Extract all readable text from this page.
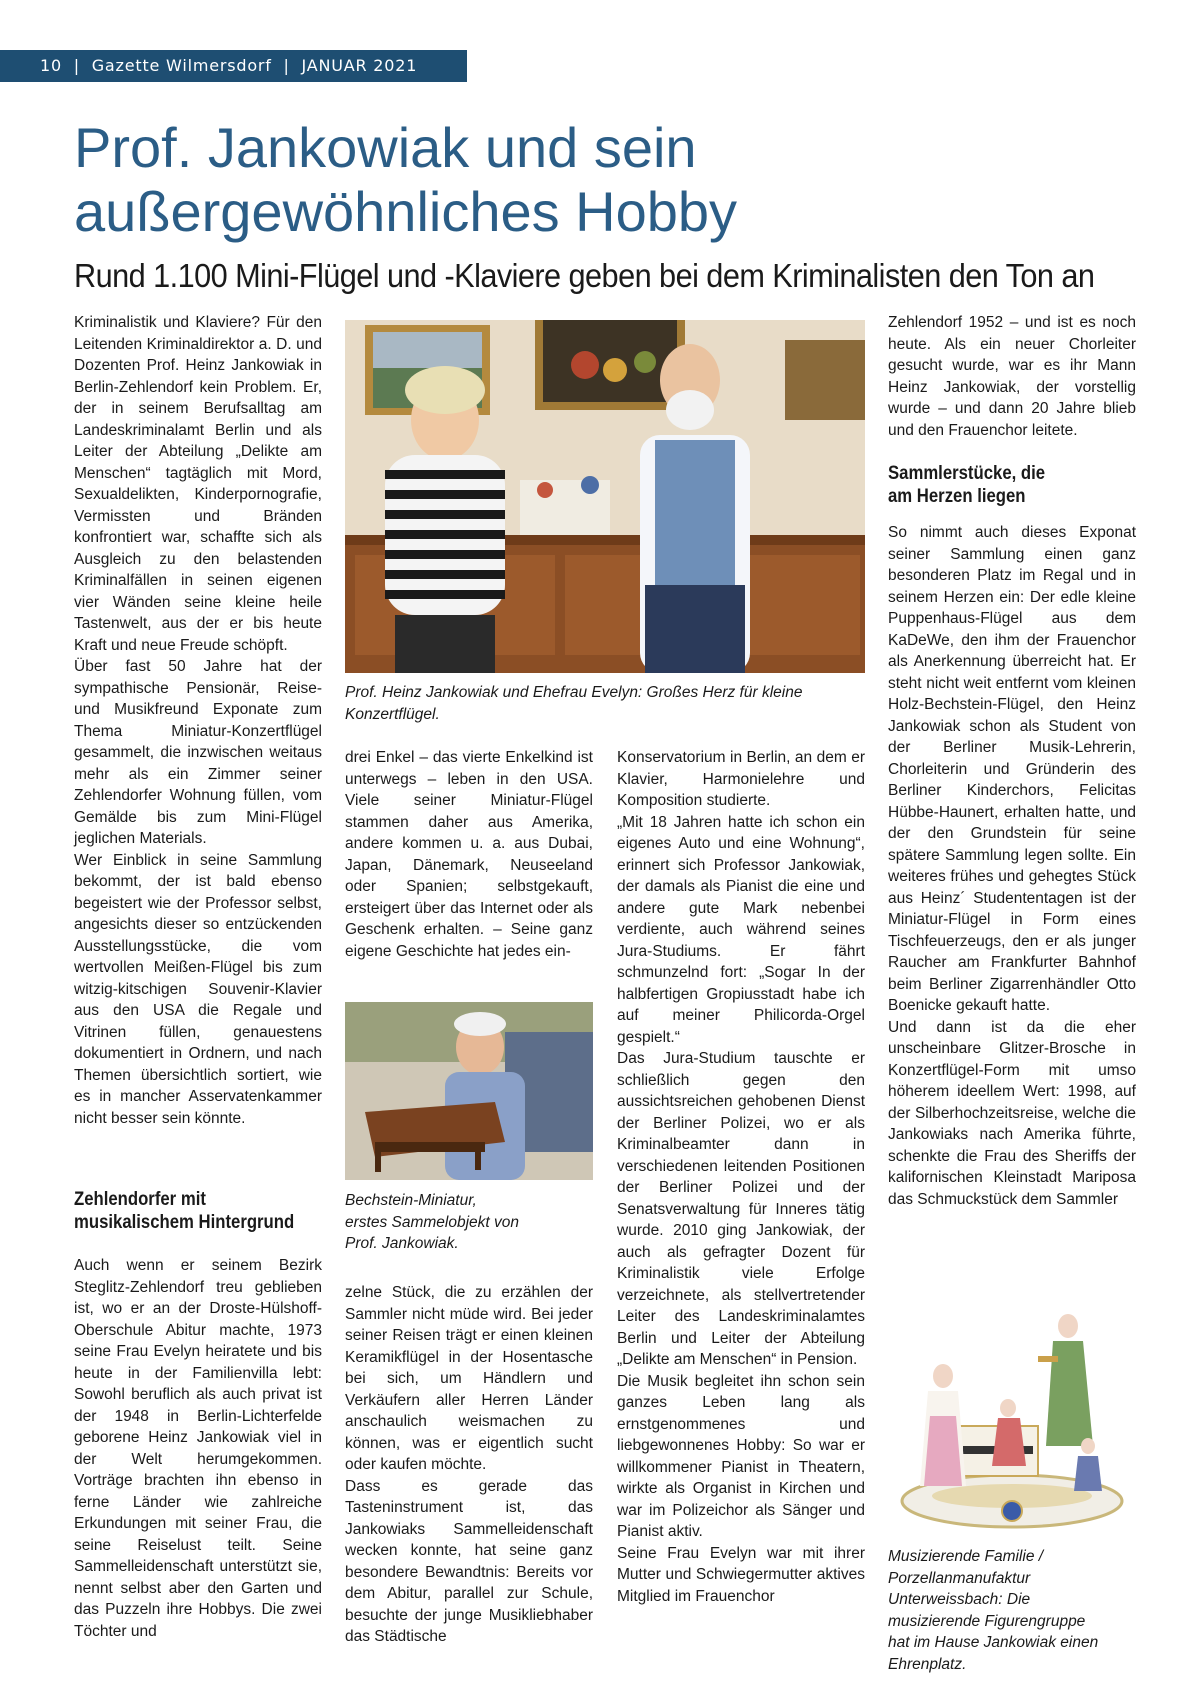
10 | Gazette Wilmersdorf | JANUAR 2021
Prof. Jankowiak und sein
außergewöhnliches Hobby
Rund 1.100 Mini-Flügel und -Klaviere geben bei dem Kriminalisten den Ton an

Kriminalistik und Klaviere? Für den Leitenden Kriminaldirektor a. D. und Dozenten Prof. Heinz Jankowiak in Berlin-Zehlendorf kein Problem. Er, der in seinem Berufsalltag am Landeskriminalamt Berlin und als Leiter der Abteilung „Delikte am Menschen“ tagtäglich mit Mord, Sexualdelikten, Kinderpornografie, Vermissten und Bränden konfrontiert war, schaffte sich als Ausgleich zu den belastenden Kriminalfällen in seinen eigenen vier Wänden seine kleine heile Tastenwelt, aus der er bis heute Kraft und neue Freude schöpft.

Über fast 50 Jahre hat der sympathische Pensionär, Reise- und Musikfreund Exponate zum Thema Miniatur-Konzertflügel gesammelt, die inzwischen weitaus mehr als ein Zimmer seiner Zehlendorfer Wohnung füllen, vom Gemälde bis zum Mini-Flügel jeglichen Materials.

Wer Einblick in seine Sammlung bekommt, der ist bald ebenso begeistert wie der Professor selbst, angesichts dieser so entzückenden Ausstellungsstücke, die vom wertvollen Meißen-Flügel bis zum witzig-kitschigen Souvenir-Klavier aus den USA die Regale und Vitrinen füllen, genauestens dokumentiert in Ordnern, und nach Themen übersichtlich sortiert, wie es in mancher Asservatenkammer nicht besser sein könnte.

Zehlendorfer mit
musikalischem Hintergrund

Auch wenn er seinem Bezirk Steglitz-Zehlendorf treu geblieben ist, wo er an der Droste-Hülshoff-Oberschule Abitur machte, 1973 seine Frau Evelyn heiratete und bis heute in der Familienvilla lebt: Sowohl beruflich als auch privat ist der 1948 in Berlin-Lichterfelde geborene Heinz Jankowiak viel in der Welt herumgekommen. Vorträge brachten ihn ebenso in ferne Länder wie zahlreiche Erkundungen mit seiner Frau, die seine Reiselust teilt. Seine Sammelleidenschaft unterstützt sie, nennt selbst aber den Garten und das Puzzeln ihre Hobbys. Die zwei Töchter und

Prof. Heinz Jankowiak und Ehefrau Evelyn: Großes Herz für kleine Konzertflügel.

drei Enkel – das vierte Enkelkind ist unterwegs – leben in den USA. Viele seiner Miniatur-Flügel stammen daher aus Amerika, andere kommen u. a. aus Dubai, Japan, Dänemark, Neuseeland oder Spanien; selbstgekauft, ersteigert über das Internet oder als Geschenk erhalten. – Seine ganz eigene Geschichte hat jedes ein-

Bechstein-Miniatur,
erstes Sammelobjekt von
Prof. Jankowiak.

zelne Stück, die zu erzählen der Sammler nicht müde wird. Bei jeder seiner Reisen trägt er einen kleinen Keramikflügel in der Hosentasche bei sich, um Händlern und Verkäufern aller Herren Länder anschaulich weismachen zu können, was er eigentlich sucht oder kaufen möchte.

Dass es gerade das Tasteninstrument ist, das Jankowiaks Sammelleidenschaft wecken konnte, hat seine ganz besondere Bewandtnis: Bereits vor dem Abitur, parallel zur Schule, besuchte der junge Musikliebhaber das Städtische

Konservatorium in Berlin, an dem er Klavier, Harmonielehre und Komposition studierte.

„Mit 18 Jahren hatte ich schon ein eigenes Auto und eine Wohnung“, erinnert sich Professor Jankowiak, der damals als Pianist die eine und andere gute Mark nebenbei verdiente, auch während seines Jura-Studiums. Er fährt schmunzelnd fort: „Sogar In der halbfertigen Gropiusstadt habe ich auf meiner Philicorda-Orgel gespielt.“

Das Jura-Studium tauschte er schließlich gegen den aussichtsreichen gehobenen Dienst der Berliner Polizei, wo er als Kriminalbeamter dann in verschiedenen leitenden Positionen der Berliner Polizei und der Senatsverwaltung für Inneres tätig wurde. 2010 ging Jankowiak, der auch als gefragter Dozent für Kriminalistik viele Erfolge verzeichnete, als stellvertretender Leiter des Landeskriminalamtes Berlin und Leiter der Abteilung „Delikte am Menschen“ in Pension.

Die Musik begleitet ihn schon sein ganzes Leben lang als ernstgenommenes und liebgewonnenes Hobby: So war er willkommener Pianist in Theatern, wirkte als Organist in Kirchen und war im Polizeichor als Sänger und Pianist aktiv.

Seine Frau Evelyn war mit ihrer Mutter und Schwiegermutter aktives Mitglied im Frauenchor

Zehlendorf 1952 – und ist es noch heute. Als ein neuer Chorleiter gesucht wurde, war es ihr Mann Heinz Jankowiak, der vorstellig wurde – und dann 20 Jahre blieb und den Frauenchor leitete.

Sammlerstücke, die
am Herzen liegen

So nimmt auch dieses Exponat seiner Sammlung einen ganz besonderen Platz im Regal und in seinem Herzen ein: Der edle kleine Puppenhaus-Flügel aus dem KaDeWe, den ihm der Frauenchor als Anerkennung überreicht hat. Er steht nicht weit entfernt vom kleinen Holz-Bechstein-Flügel, den Heinz Jankowiak schon als Student von der Berliner Musik-Lehrerin, Chorleiterin und Gründerin des Berliner Kinderchors, Felicitas Hübbe-Haunert, erhalten hatte, und der den Grundstein für seine spätere Sammlung legen sollte. Ein weiteres frühes und gehegtes Stück aus Heinz´ Studententagen ist der Miniatur-Flügel in Form eines Tischfeuerzeugs, den er als junger Raucher am Frankfurter Bahnhof beim Berliner Zigarrenhändler Otto Boenicke gekauft hatte.

Und dann ist da die eher unscheinbare Glitzer-Brosche in Konzertflügel-Form mit umso höherem ideellem Wert: 1998, auf der Silberhochzeitsreise, welche die Jankowiaks nach Amerika führte, schenkte die Frau des Sheriffs der kalifornischen Kleinstadt Mariposa das Schmuckstück dem Sammler

Musizierende Familie /
Porzellanmanufaktur
Unterweissbach: Die
musizierende Figurengruppe
hat im Hause Jankowiak einen
Ehrenplatz.
